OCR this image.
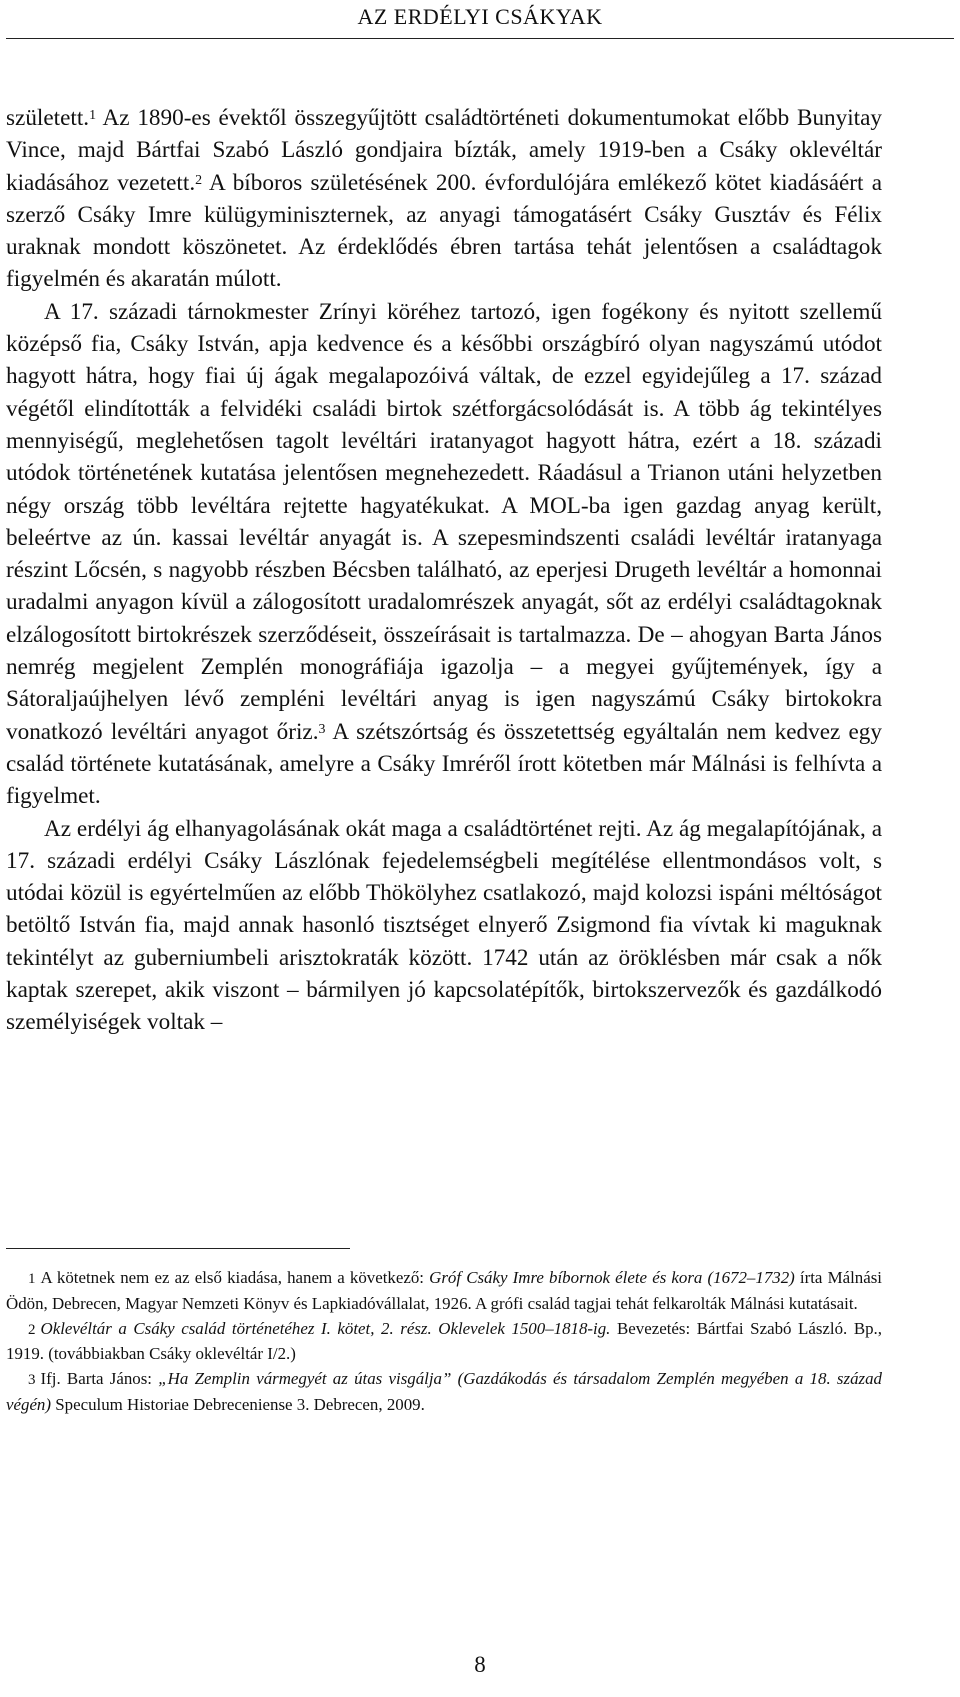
AZ ERDÉLYI CSÁKYAK

született.$^1$ Az 1890-es évektől összegyűjtött családtörténeti dokumentumokat előbb Bunyitay Vince, majd Bártfai Szabó László gondjaira bízták, amely 1919-ben a Csáky oklevéltár kiadásához vezetett.$^2$ A bíboros születésének 200. évfordulójára emlékező kötet kiadásáért a szerző Csáky Imre külügyminiszternek, az anyagi támogatásért Csáky Gusztáv és Félix uraknak mondott köszönetet. Az érdeklődés ébren tartása tehát jelentősen a családtagok figyelmén és akaratán múlott.

A 17. századi tárnokmester Zrínyi köréhez tartozó, igen fogékony és nyitott szellemű középső fia, Csáky István, apja kedvence és a későbbi országbíró olyan nagyszámú utódot hagyott hátra, hogy fiai új ágak megalapozóivá váltak, de ezzel egyidejűleg a 17. század végétől elindították a felvidéki családi birtok szétforgácsolódását is. A több ág tekintélyes mennyiségű, meglehetősen tagolt levéltári iratanyagot hagyott hátra, ezért a 18. századi utódok történetének kutatása jelentősen megnehezedett. Ráadásul a Trianon utáni helyzetben négy ország több levéltára rejtette hagyatékukat. A MOL-ba igen gazdag anyag került, beleértve az ún. kassai levéltár anyagát is. A szepesmindszenti családi levéltár iratanyaga részint Lőcsén, s nagyobb részben Bécsben található, az eperjesi Drugeth levéltár a homonnai uradalmi anyagon kívül a zálogosított uradalomrészek anyagát, sőt az erdélyi családtagoknak elzálogosított birtokrészek szerződéseit, összeírásait is tartalmazza. De – ahogyan Barta János nemrég megjelent Zemplén monográfiája igazolja – a megyei gyűjtemények, így a Sátoraljaújhelyen lévő zempléni levéltári anyag is igen nagyszámú Csáky birtokokra vonatkozó levéltári anyagot őriz.$^3$ A szétszórtság és összetettség egyáltalán nem kedvez egy család története kutatásának, amelyre a Csáky Imréről írott kötetben már Málnási is felhívta a figyelmet.

Az erdélyi ág elhanyagolásának okát maga a családtörténet rejti. Az ág megalapítójának, a 17. századi erdélyi Csáky Lászlónak fejedelemségbeli megítélése ellentmondásos volt, s utódai közül is egyértelműen az előbb Thökölyhez csatlakozó, majd kolozsi ispáni méltóságot betöltő István fia, majd annak hasonló tisztséget elnyerő Zsigmond fia vívtak ki maguknak tekintélyt az guberniumbeli arisztokraták között. 1742 után az öröklésben már csak a nők kaptak szerepet, akik viszont – bármilyen jó kapcsolatépítők, birtokszervezők és gazdálkodó személyiségek voltak –

1 A kötetnek nem ez az első kiadása, hanem a következő: Gróf Csáky Imre bíbornok élete és kora (1672–1732) írta Málnási Ödön, Debrecen, Magyar Nemzeti Könyv és Lapkiadóvállalat, 1926. A grófi család tagjai tehát felkarolták Málnási kutatásait.

2 Oklevéltár a Csáky család történetéhez I. kötet, 2. rész. Oklevelek 1500–1818-ig. Bevezetés: Bártfai Szabó László. Bp., 1919. (továbbiakban Csáky oklevéltár I/2.)

3 Ifj. Barta János: „Ha Zemplin vármegyét az útas visgálja” (Gazdákodás és társadalom Zemplén megyében a 18. század végén) Speculum Historiae Debreceniense 3. Debrecen, 2009.

8
